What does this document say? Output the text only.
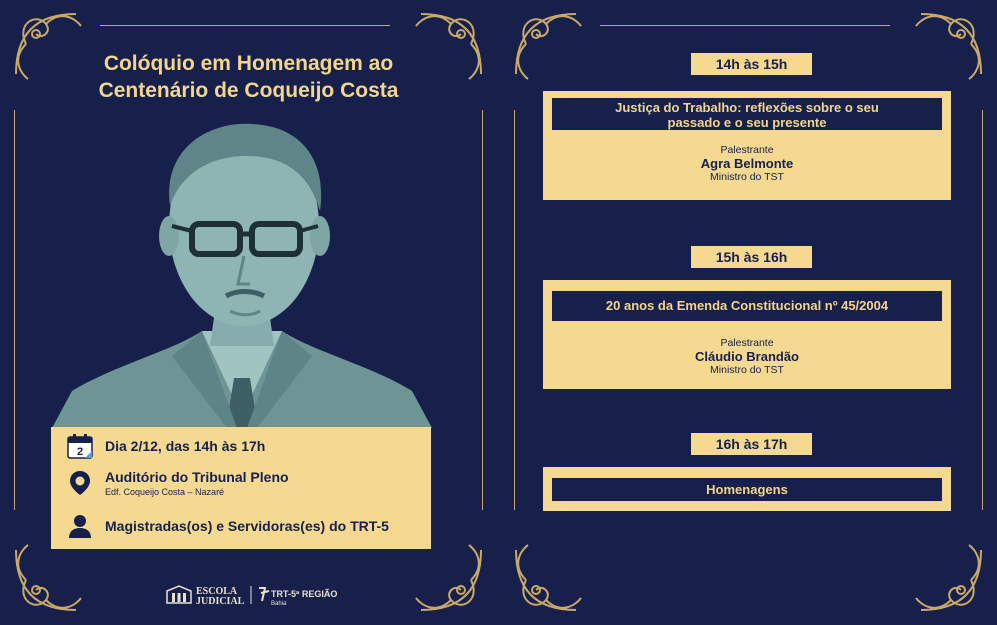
Colóquio em Homenagem ao
Centenário de Coqueijo Costa
2 Dia 2/12, das 14h às 17h
Auditório do Tribunal Pleno
Edf. Coqueijo Costa – Nazaré
Magistradas(os) e Servidoras(es) do TRT-5
ESCOLA
JUDICIAL
TRT-5ª REGIÃO
Bahia
14h às 15h
Justiça do Trabalho: reflexões sobre o seu
passado e o seu presente
Palestrante
Agra Belmonte
Ministro do TST
15h às 16h
20 anos da Emenda Constitucional nº 45/2004
Palestrante
Cláudio Brandão
Ministro do TST
16h às 17h
Homenagens
